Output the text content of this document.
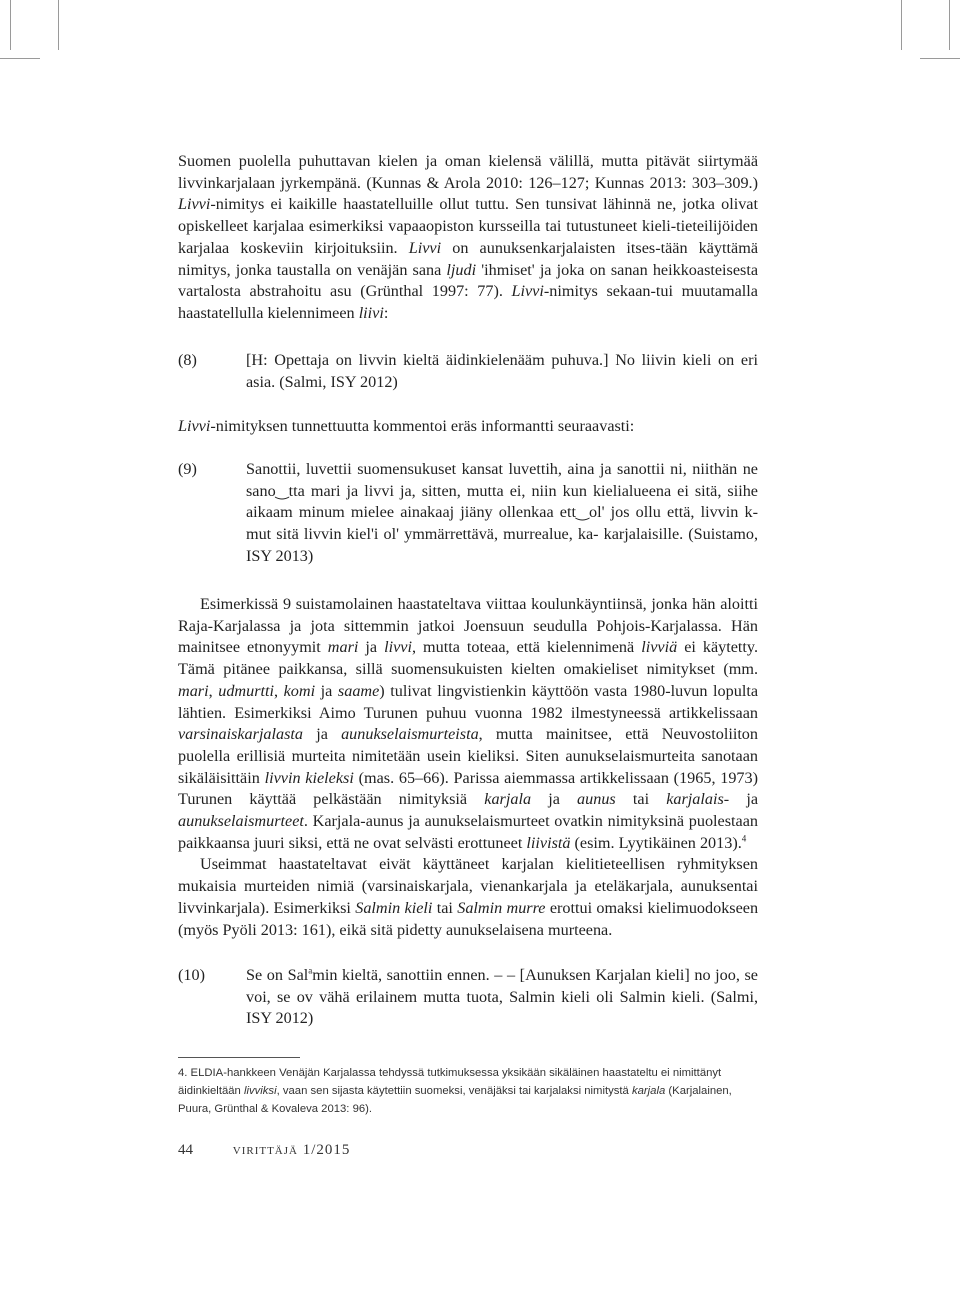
Suomen puolella puhuttavan kielen ja oman kielensä välillä, mutta pitävät siirtymää livvinkarjalaan jyrkempänä. (Kunnas & Arola 2010: 126–127; Kunnas 2013: 303–309.) Livvi-nimitys ei kaikille haastatelluille ollut tuttu. Sen tunsivat lähinnä ne, jotka olivat opiskelleet karjalaa esimerkiksi vapaaopiston kursseilla tai tutustuneet kieli-tieteilijöiden karjalaa koskeviin kirjoituksiin. Livvi on aunuksenkarjalaisten itses-tään käyttämä nimitys, jonka taustalla on venäjän sana ljudi 'ihmiset' ja joka on sanan heikkoasteisesta vartalosta abstrahoitu asu (Grünthal 1997: 77). Livvi-nimitys sekaan-tui muutamalla haastatellulla kielennimeen liivi:

(8)	[H: Opettaja on livvin kieltä äidinkielenääm puhuva.] No liivin kieli on eri asia. (Salmi, ISY 2012)
Livvi-nimityksen tunnettuutta kommentoi eräs informantti seuraavasti:
(9)	Sanottii, luvettii suomensukuset kansat luvettih, aina ja sanottii ni, niithän ne sano‿tta mari ja livvi ja, sitten, mutta ei, niin kun kielialueena ei sitä, siihe aikaam minum mielee ainakaaj jiäny ollenkaa ett‿ol' jos ollu että, livvin k- mut sitä livvin kiel'i ol' ymmärrettävä, murrealue, ka- karjalaisille. (Suistamo, ISY 2013)

Esimerkissä 9 suistamolainen haastateltava viittaa koulunkäyntiinsä, jonka hän aloitti Raja-Karjalassa ja jota sittemmin jatkoi Joensuun seudulla Pohjois-Karjalassa. Hän mainitsee etnonyymit mari ja livvi, mutta toteaa, että kielennimenä livviä ei käytetty. Tämä pitänee paikkansa, sillä suomensukuisten kielten omakieliset nimitykset (mm. mari, udmurtti, komi ja saame) tulivat lingvistienkin käyttöön vasta 1980-luvun lopulta lähtien. Esimerkiksi Aimo Turunen puhuu vuonna 1982 ilmestyneessä artikkelissaan varsinaiskarjalasta ja aunukselaismurteista, mutta mainitsee, että Neuvostoliiton puolella erillisiä murteita nimitetään usein kieliksi. Siten aunukselaismurteita sanotaan sikäläisittäin livvin kieleksi (mas. 65–66). Parissa aiemmassa artikkelissaan (1965, 1973) Turunen käyttää pelkästään nimityksiä karjala ja aunus tai karjalais- ja aunukselaismurteet. Karjala-aunus ja aunukselaismurteet ovatkin nimityksinä puolestaan paikkaansa juuri siksi, että ne ovat selvästi erottuneet liivistä (esim. Lyytikäinen 2013).$^4$

Useimmat haastateltavat eivät käyttäneet karjalan kielitieteellisen ryhmityksen mukaisia murteiden nimiä (varsinaiskarjala, vienankarjala ja eteläkarjala, aunuksentai livvinkarjala). Esimerkiksi Salmin kieli tai Salmin murre erottui omaksi kielimuodokseen (myös Pyöli 2013: 161), eikä sitä pidetty aunukselaisena murteena.

(10)	Se on Sal$^a$min kieltä, sanottiin ennen. – – [Aunuksen Karjalan kieli] no joo, se voi, se ov vähä erilainem mutta tuota, Salmin kieli oli Salmin kieli. (Salmi, ISY 2012)
4. ELDIA-hankkeen Venäjän Karjalassa tehdyssä tutkimuksessa yksikään sikäläinen haastateltu ei nimittänyt äidinkieltään livviksi, vaan sen sijasta käytettiin suomeksi, venäjäksi tai karjalaksi nimitystä karjala (Karjalainen, Puura, Grünthal & Kovaleva 2013: 96).
44	virittäjä 1/2015
